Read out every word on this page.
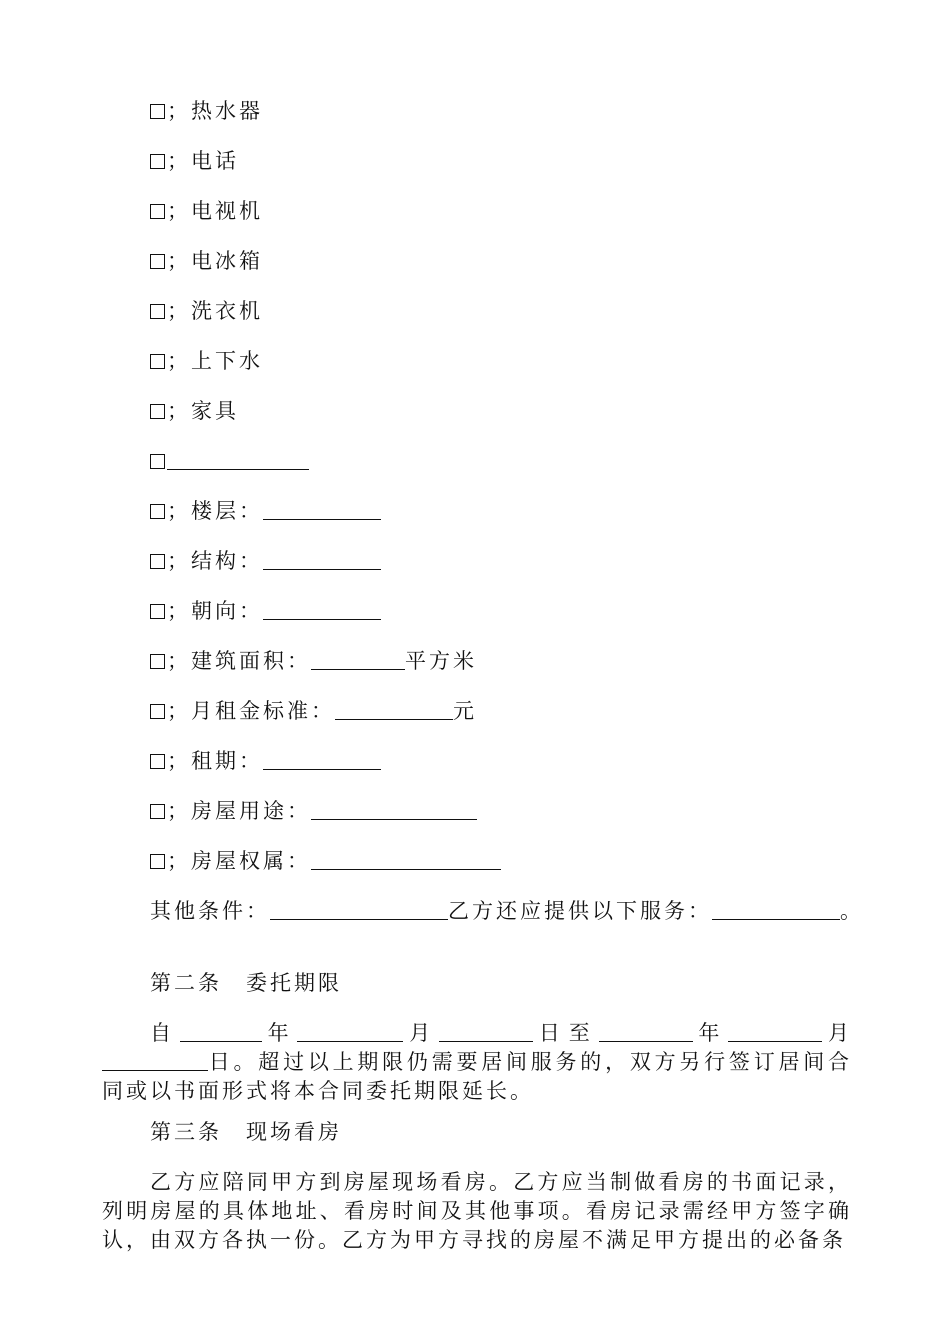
；热水器
；电话
；电视机
；电冰箱
；洗衣机
；上下水
；家具
；楼层：
；结构：
；朝向：
；建筑面积：	平方米
；月租金标准：	元
；租期：
；房屋用途：
；房屋权属：
其他条件：	乙方还应提供以下服务：	。
第二条　委托期限

自	年	月	日至	年	月日。超过以上期限仍需要居间服务的，双方另行签订居间合同或以书面形式将本合同委托期限延长。

第三条　现场看房

乙方应陪同甲方到房屋现场看房。乙方应当制做看房的书面记录，列明房屋的具体地址、看房时间及其他事项。看房记录需经甲方签字确认，由双方各执一份。乙方为甲方寻找的房屋不满足甲方提出的必备条
